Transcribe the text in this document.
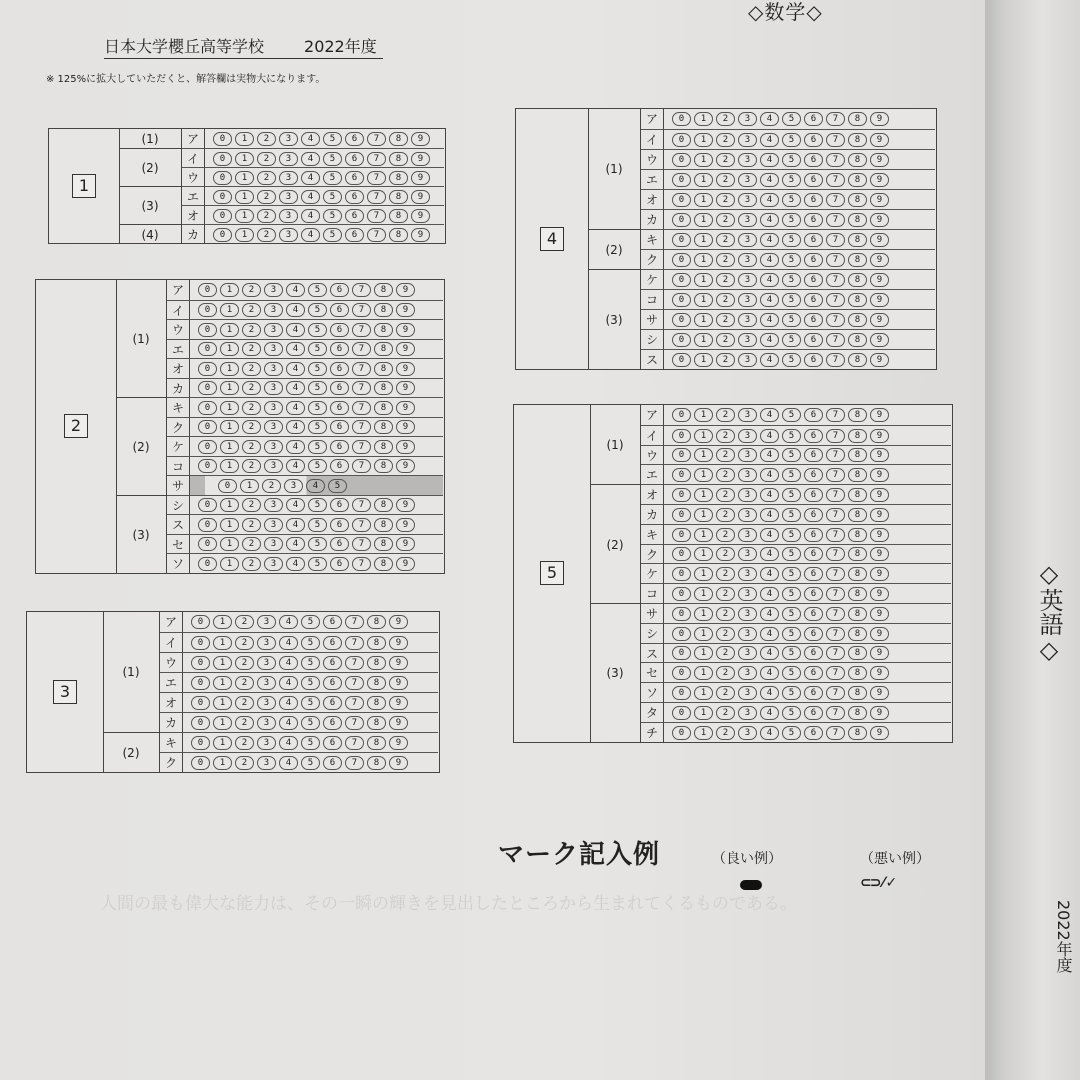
◇数学◇
日本大学櫻丘高等学校	2022年度
※ 125%に拡大していただくと、解答欄は実物大になります。
1
(1)	ア	0	1	2	3	4	5	6	7	8	9
(2)
イ	0	1	2	3	4	5	6	7	8	9
ウ	0	1	2	3	4	5	6	7	8	9
(3)
エ	0	1	2	3	4	5	6	7	8	9
オ	0	1	2	3	4	5	6	7	8	9
(4)	カ	0	1	2	3	4	5	6	7	8	9
2
(1)
ア	0	1	2	3	4	5	6	7	8	9
イ	0	1	2	3	4	5	6	7	8	9
ウ	0	1	2	3	4	5	6	7	8	9
エ	0	1	2	3	4	5	6	7	8	9
オ	0	1	2	3	4	5	6	7	8	9
カ	0	1	2	3	4	5	6	7	8	9
(2)
キ	0	1	2	3	4	5	6	7	8	9
ク	0	1	2	3	4	5	6	7	8	9
ケ	0	1	2	3	4	5	6	7	8	9
コ	0	1	2	3	4	5	6	7	8	9
サ	0	1	2	3	4	5
(3)
シ	0	1	2	3	4	5	6	7	8	9
ス	0	1	2	3	4	5	6	7	8	9
セ	0	1	2	3	4	5	6	7	8	9
ソ	0	1	2	3	4	5	6	7	8	9
3
(1)
ア	0	1	2	3	4	5	6	7	8	9
イ	0	1	2	3	4	5	6	7	8	9
ウ	0	1	2	3	4	5	6	7	8	9
エ	0	1	2	3	4	5	6	7	8	9
オ	0	1	2	3	4	5	6	7	8	9
カ	0	1	2	3	4	5	6	7	8	9
(2)
キ	0	1	2	3	4	5	6	7	8	9
ク	0	1	2	3	4	5	6	7	8	9
4
(1)
ア	0	1	2	3	4	5	6	7	8	9
イ	0	1	2	3	4	5	6	7	8	9
ウ	0	1	2	3	4	5	6	7	8	9
エ	0	1	2	3	4	5	6	7	8	9
オ	0	1	2	3	4	5	6	7	8	9
カ	0	1	2	3	4	5	6	7	8	9
(2)
キ	0	1	2	3	4	5	6	7	8	9
ク	0	1	2	3	4	5	6	7	8	9
(3)
ケ	0	1	2	3	4	5	6	7	8	9
コ	0	1	2	3	4	5	6	7	8	9
サ	0	1	2	3	4	5	6	7	8	9
シ	0	1	2	3	4	5	6	7	8	9
ス	0	1	2	3	4	5	6	7	8	9
5
(1)
ア	0	1	2	3	4	5	6	7	8	9
イ	0	1	2	3	4	5	6	7	8	9
ウ	0	1	2	3	4	5	6	7	8	9
エ	0	1	2	3	4	5	6	7	8	9
(2)
オ	0	1	2	3	4	5	6	7	8	9
カ	0	1	2	3	4	5	6	7	8	9
キ	0	1	2	3	4	5	6	7	8	9
ク	0	1	2	3	4	5	6	7	8	9
ケ	0	1	2	3	4	5	6	7	8	9
コ	0	1	2	3	4	5	6	7	8	9
(3)
サ	0	1	2	3	4	5	6	7	8	9
シ	0	1	2	3	4	5	6	7	8	9
ス	0	1	2	3	4	5	6	7	8	9
セ	0	1	2	3	4	5	6	7	8	9
ソ	0	1	2	3	4	5	6	7	8	9
タ	0	1	2	3	4	5	6	7	8	9
チ	0	1	2	3	4	5	6	7	8	9
人間の最も偉大な能力は、その一瞬の輝きを見出したところから生まれてくるものである。
マーク記入例	（良い例）	（悪い例）
⊂⊃ ⁄ ✓
◇英語◇
2022年度
